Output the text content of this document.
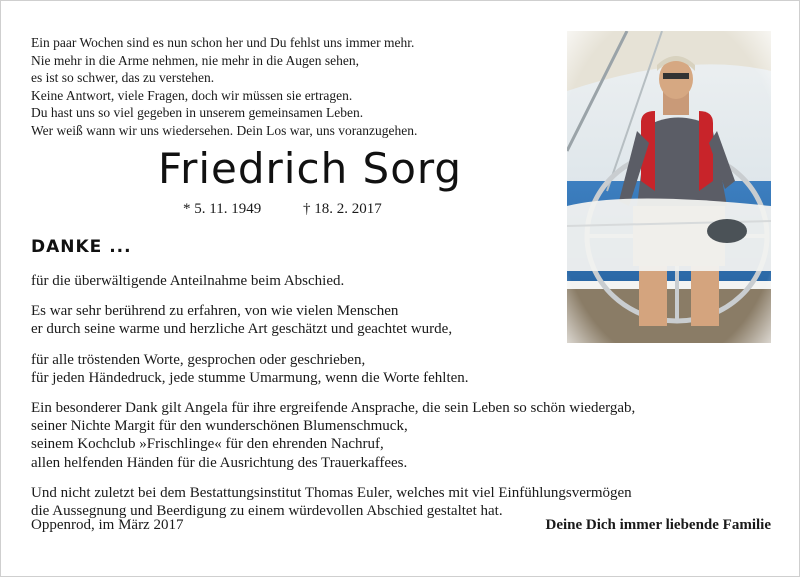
Ein paar Wochen sind es nun schon her und Du fehlst uns immer mehr.
Nie mehr in die Arme nehmen, nie mehr in die Augen sehen,
es ist so schwer, das zu verstehen.
Keine Antwort, viele Fragen, doch wir müssen sie ertragen.
Du hast uns so viel gegeben in unserem gemeinsamen Leben.
Wer weiß wann wir uns wiedersehen. Dein Los war, uns voranzugehen.
Friedrich Sorg
* 5. 11. 1949	† 18. 2. 2017
DANKE ...
für die überwältigende Anteilnahme beim Abschied.
Es war sehr berührend zu erfahren, von wie vielen Menschen
er durch seine warme und herzliche Art geschätzt und geachtet wurde,
für alle tröstenden Worte, gesprochen oder geschrieben,
für jeden Händedruck, jede stumme Umarmung, wenn die Worte fehlten.
Ein besonderer Dank gilt Angela für ihre ergreifende Ansprache, die sein Leben so schön wiedergab,
seiner Nichte Margit für den wunderschönen Blumenschmuck,
seinem Kochclub »Frischlinge« für den ehrenden Nachruf,
allen helfenden Händen für die Ausrichtung des Trauerkaffees.
Und nicht zuletzt bei dem Bestattungsinstitut Thomas Euler, welches mit viel Einfühlungsvermögen
die Aussegnung und Beerdigung zu einem würdevollen Abschied gestaltet hat.
Oppenrod, im März 2017	Deine Dich immer liebende Familie
